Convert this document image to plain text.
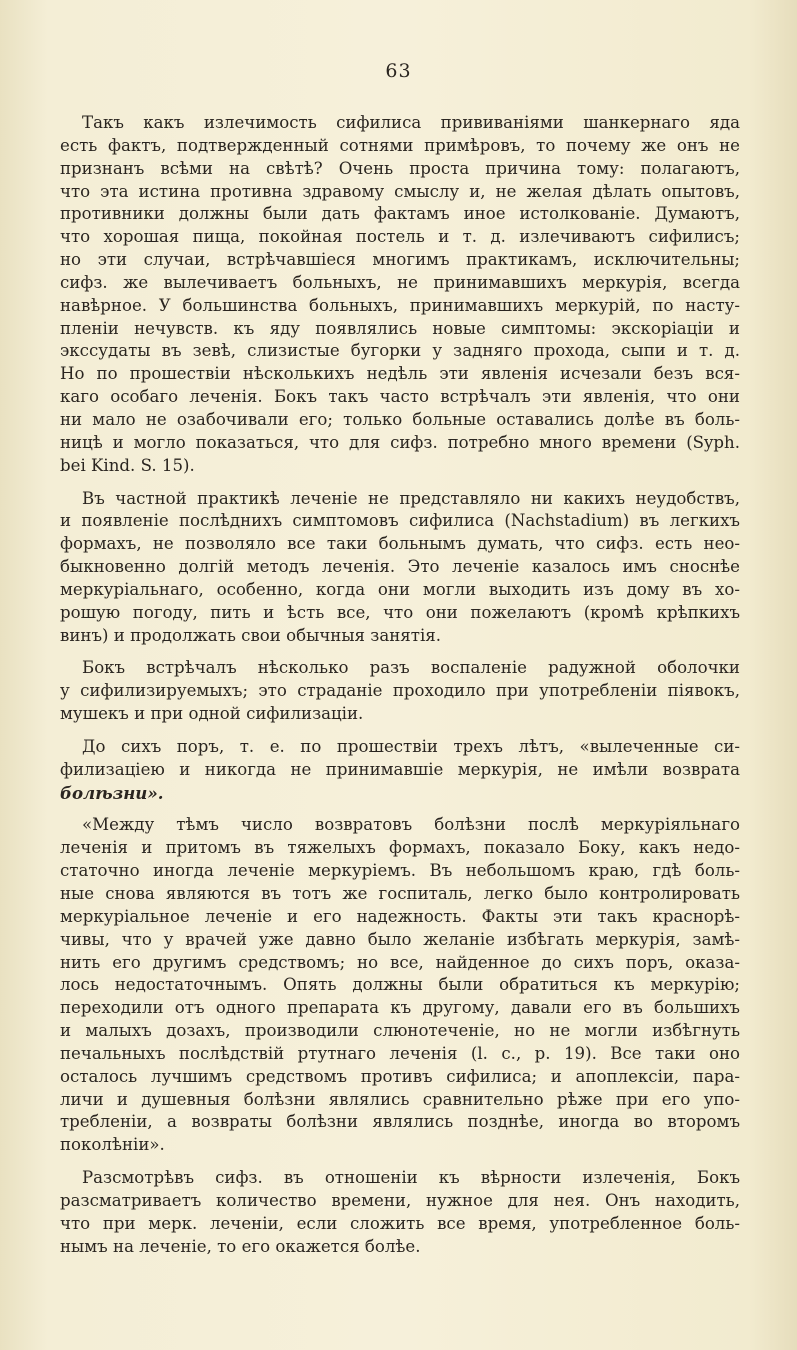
63
Такъ какъ излечимость сифилиса прививаніями шанкернаго яда
есть фактъ, подтвержденный сотнями примѣровъ, то почему же онъ не
признанъ всѣми на свѣтѣ? Очень проста причина тому: полагаютъ,
что эта истина противна здравому смыслу и, не желая дѣлать опытовъ,
противники должны были дать фактамъ иное истолкованіе. Думаютъ,
что хорошая пища, покойная постель и т. д. излечиваютъ сифилисъ;
но эти случаи, встрѣчавшіеся многимъ практикамъ, исключительны;
сифз. же вылечиваетъ больныхъ, не принимавшихъ меркурія, всегда
навѣрное. У большинства больныхъ, принимавшихъ меркурій, по насту-
пленіи нечувств. къ яду появлялись новые симптомы: экскоріаціи и
экссудаты въ зевѣ, слизистые бугорки у задняго прохода, сыпи и т. д.
Но по прошествіи нѣсколькихъ недѣль эти явленія исчезали безъ вся-
каго особаго леченія. Бокъ такъ часто встрѣчалъ эти явленія, что они
ни мало не озабочивали его; только больные оставались долѣе въ боль-
ницѣ и могло показаться, что для сифз. потребно много времени (Syph.
bei Kind. S. 15).
Въ частной практикѣ леченіе не представляло ни какихъ неудобствъ,
и появленіе послѣднихъ симптомовъ сифилиса (Nachstadium) въ легкихъ
формахъ, не позволяло все таки больнымъ думать, что сифз. есть нео-
быкновенно долгій методъ леченія. Это леченіе казалось имъ сноснѣе
меркуріальнаго, особенно, когда они могли выходить изъ дому въ хо-
рошую погоду, пить и ѣсть все, что они пожелаютъ (кромѣ крѣпкихъ
винъ) и продолжать свои обычныя занятія.
Бокъ встрѣчалъ нѣсколько разъ воспаленіе радужной оболочки
у сифилизируемыхъ; это страданіе проходило при употребленіи піявокъ,
мушекъ и при одной сифилизаціи.
До сихъ поръ, т. е. по прошествіи трехъ лѣтъ, «вылеченные си-
филизаціею и никогда не принимавшіе меркурія, не имѣли возврата
болѣзни».
«Между тѣмъ число возвратовъ болѣзни послѣ меркуріяльнаго
леченія и притомъ въ тяжелыхъ формахъ, показало Боку, какъ недо-
статочно иногда леченіе меркуріемъ. Въ небольшомъ краю, гдѣ боль-
ные снова являются въ тотъ же госпиталь, легко было контролировать
меркуріальное леченіе и его надежность. Факты эти такъ краснорѣ-
чивы, что у врачей уже давно было желаніе избѣгать меркурія, замѣ-
нить его другимъ средствомъ; но все, найденное до сихъ поръ, оказа-
лось недостаточнымъ. Опять должны были обратиться къ меркурію;
переходили отъ одного препарата къ другому, давали его въ большихъ
и малыхъ дозахъ, производили слюнотеченіе, но не могли избѣгнуть
печальныхъ послѣдствій ртутнаго леченія (l. c., p. 19). Все таки оно
осталось лучшимъ средствомъ противъ сифилиса; и апоплексіи, пара-
личи и душевныя болѣзни являлись сравнительно рѣже при его упо-
требленіи, а возвраты болѣзни являлись позднѣе, иногда во второмъ
поколѣніи».
Разсмотрѣвъ сифз. въ отношеніи къ вѣрности излеченія, Бокъ
разсматриваетъ количество времени, нужное для нея. Онъ находить,
что при мерк. леченіи, если сложить все время, употребленное боль-
нымъ на леченіе, то его окажется болѣе.
